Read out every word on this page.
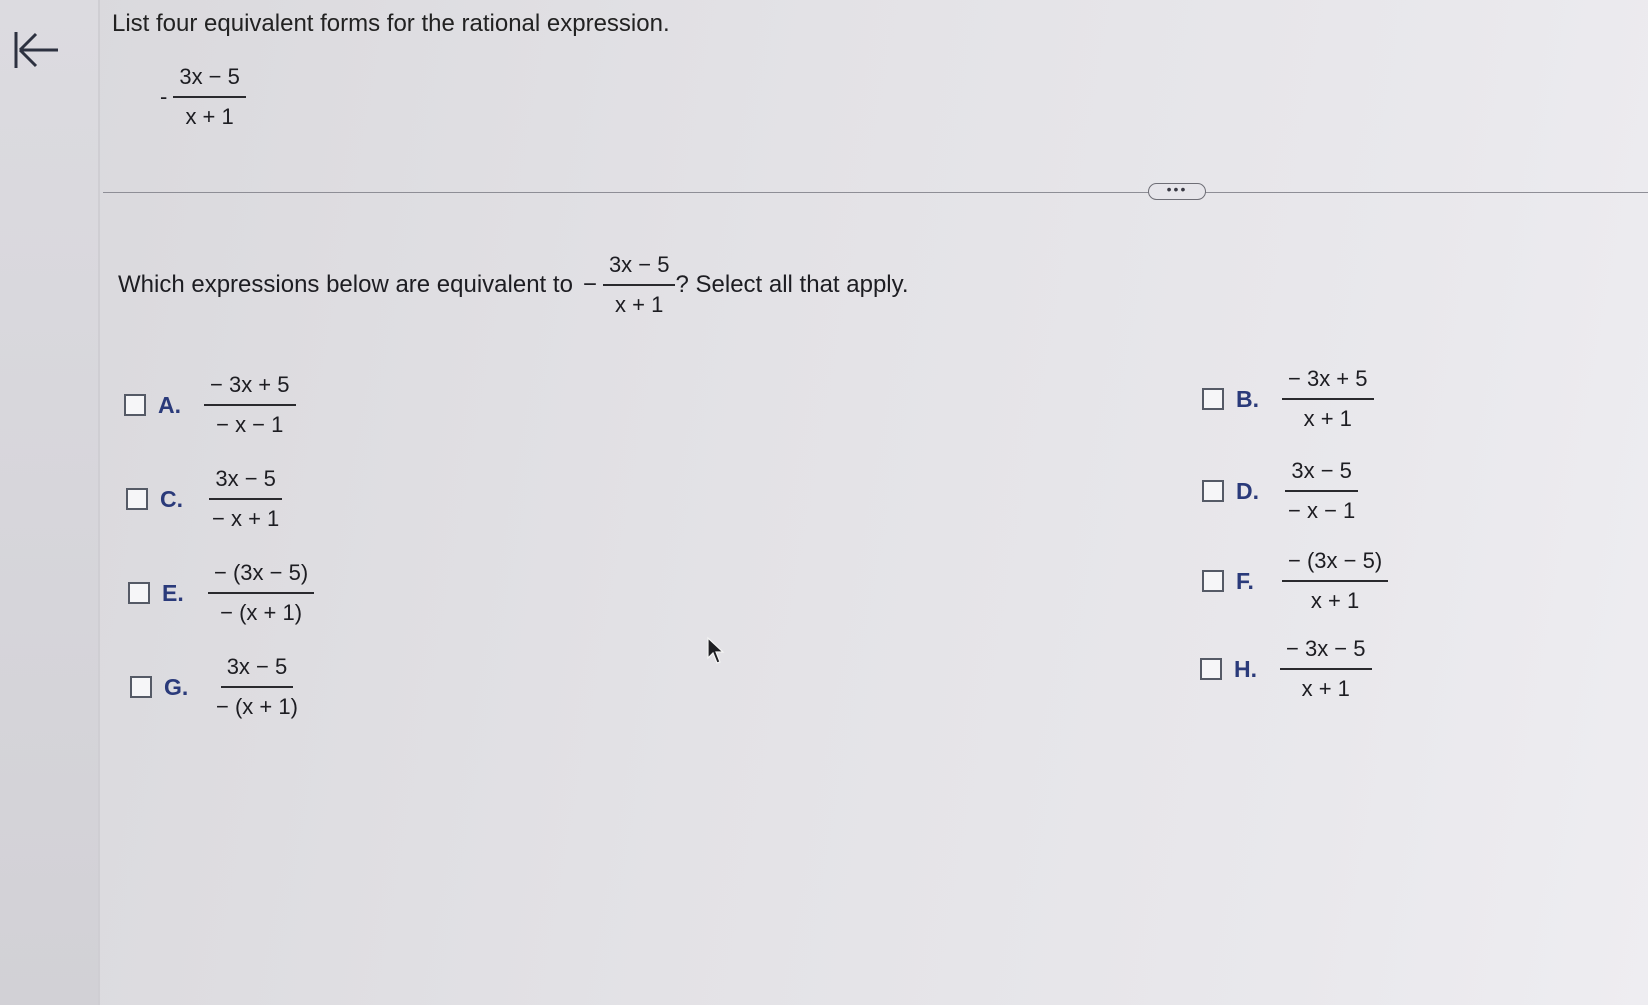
List four equivalent forms for the rational expression.
- $\frac{3x - 5}{x + 1}$
•••
Which expressions below are equivalent to − $\frac{3x - 5}{x + 1}$ ? Select all that apply.
A.	$\frac{- 3x + 5}{- x - 1}$
C.	$\frac{3x - 5}{- x + 1}$
E.	$\frac{- (3x - 5)}{- (x + 1)}$
G. $\frac{3x - 5}{- (x + 1)}$
B.	$\frac{- 3x + 5}{x + 1}$
D.	$\frac{3x - 5}{- x - 1}$
F.	$\frac{- (3x - 5)}{x + 1}$
H.	$\frac{- 3x - 5}{x + 1}$
